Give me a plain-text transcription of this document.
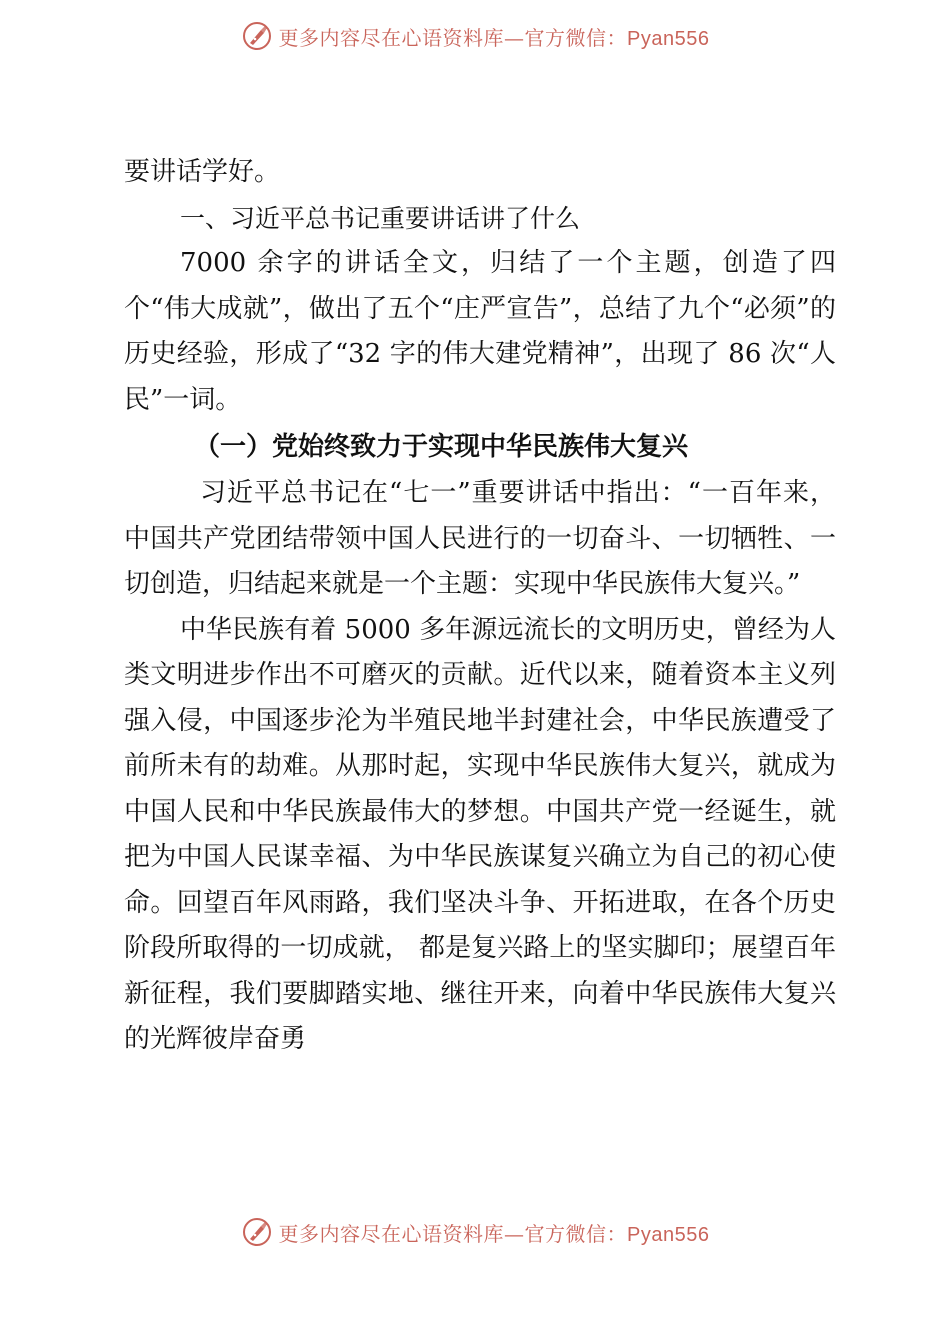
更多内容尽在心语资料库—官方微信：Pyan556

要讲话学好。

一、习近平总书记重要讲话讲了什么

7000 余字的讲话全文，归结了一个主题，创造了四个“伟大成就”，做出了五个“庄严宣告”，总结了九个“必须”的历史经验，形成了“32 字的伟大建党精神”，出现了 86 次“人民”一词。

（一）党始终致力于实现中华民族伟大复兴

习近平总书记在“七一”重要讲话中指出：“一百年来，中国共产党团结带领中国人民进行的一切奋斗、一切牺牲、一切创造，归结起来就是一个主题：实现中华民族伟大复兴。”

中华民族有着 5000 多年源远流长的文明历史，曾经为人类文明进步作出不可磨灭的贡献。近代以来，随着资本主义列强入侵，中国逐步沦为半殖民地半封建社会，中华民族遭受了前所未有的劫难。从那时起，实现中华民族伟大复兴，就成为中国人民和中华民族最伟大的梦想。中国共产党一经诞生，就把为中国人民谋幸福、为中华民族谋复兴确立为自己的初心使命。回望百年风雨路，我们坚决斗争、开拓进取，在各个历史阶段所取得的一切成就， 都是复兴路上的坚实脚印；展望百年新征程，我们要脚踏实地、继往开来，向着中华民族伟大复兴的光辉彼岸奋勇

更多内容尽在心语资料库—官方微信：Pyan556
